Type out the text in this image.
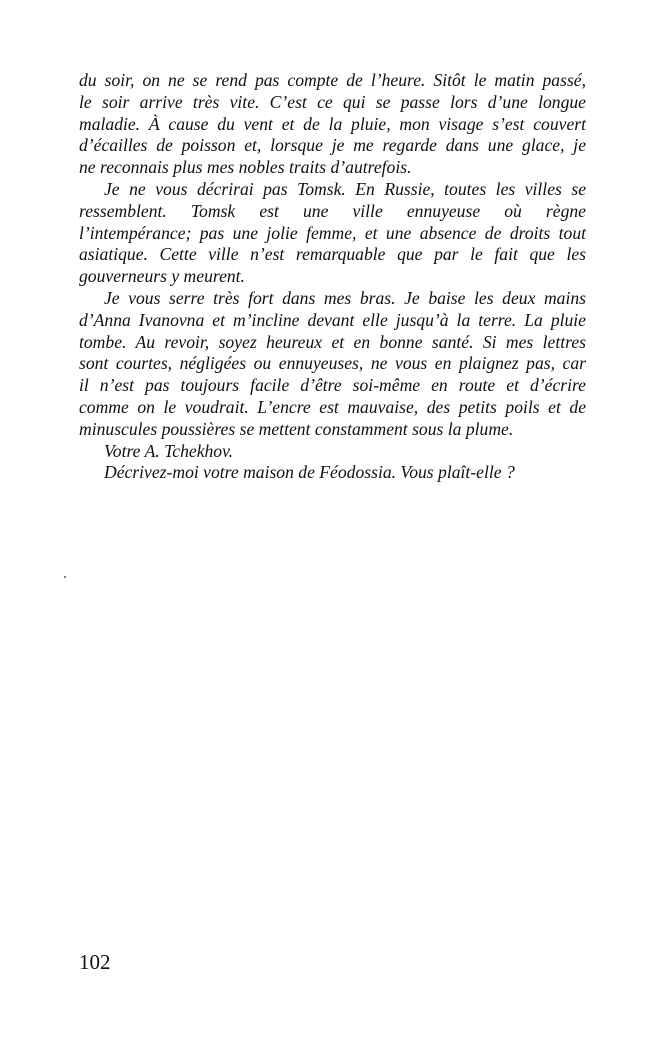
du soir, on ne se rend pas compte de l’heure. Sitôt le matin passé,
le soir arrive très vite. C’est ce qui se passe lors d’une longue
maladie. À cause du vent et de la pluie, mon visage s’est couvert
d’écailles de poisson et, lorsque je me regarde dans une glace, je
ne reconnais plus mes nobles traits d’autrefois.
Je ne vous décrirai pas Tomsk. En Russie, toutes les villes se
ressemblent. Tomsk est une ville ennuyeuse où règne
l’intempérance; pas une jolie femme, et une absence de droits tout
asiatique. Cette ville n’est remarquable que par le fait que les
gouverneurs y meurent.
Je vous serre très fort dans mes bras. Je baise les deux mains
d’Anna Ivanovna et m’incline devant elle jusqu’à la terre. La pluie
tombe. Au revoir, soyez heureux et en bonne santé. Si mes lettres
sont courtes, négligées ou ennuyeuses, ne vous en plaignez pas, car
il n’est pas toujours facile d’être soi-même en route et d’écrire
comme on le voudrait. L’encre est mauvaise, des petits poils et de
minuscules poussières se mettent constamment sous la plume.
Votre A. Tchekhov.
Décrivez-moi votre maison de Féodossia. Vous plaît-elle ?
102
